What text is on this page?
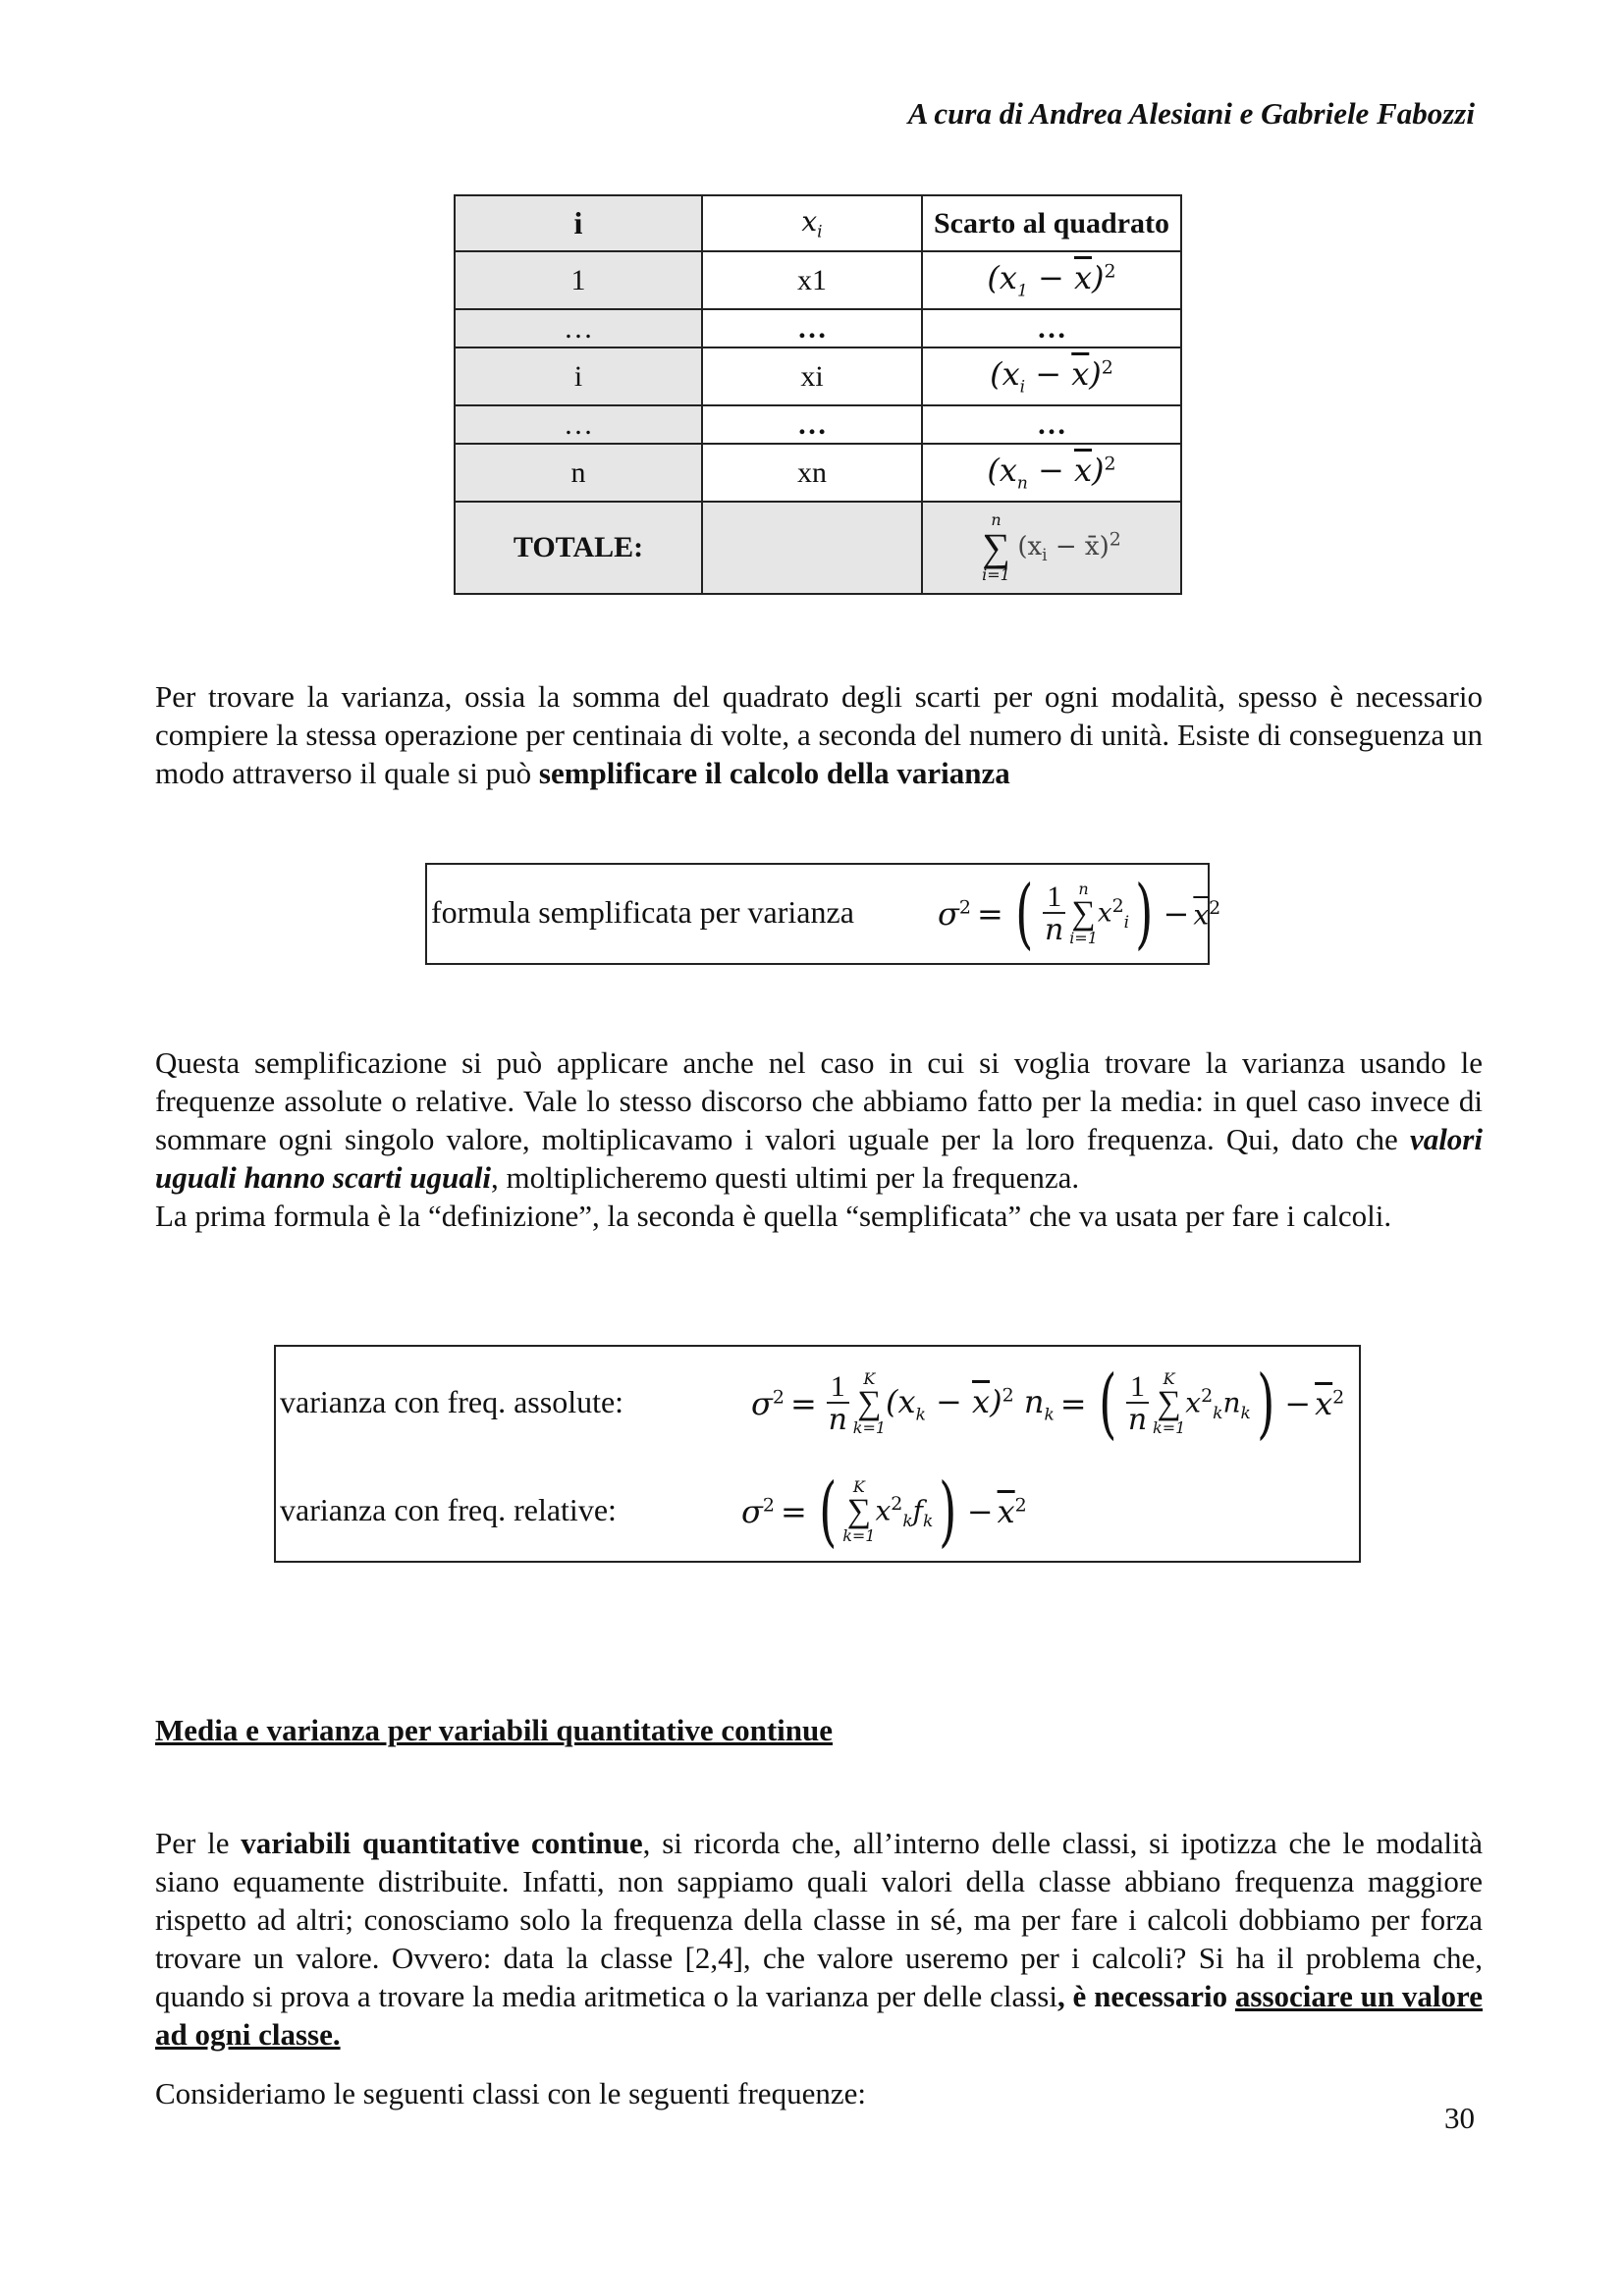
A cura di Andrea Alesiani e Gabriele Fabozzi
i	$x_i$	Scarto al quadrato
1	x1	$(x_1 - \overline{x})^2$
…	…	…
i	xi	$(x_i - \overline{x})^2$
…	…	…
n	xn	$(x_n - \overline{x})^2$
TOTALE:		n
∑
i=1
($x_i$ − x̄)$^2$

Per trovare la varianza, ossia la somma del quadrato degli scarti per ogni modalità, spesso è necessario compiere la stessa operazione per centinaia di volte, a seconda del numero di unità. Esiste di conseguenza un modo attraverso il quale si può semplificare il calcolo della varianza

formula semplificata per varianza	$\sigma^2$ = ( $\frac{1}{n}$ n
∑
i=1
$x^2_i$ ) − $\overline{x}^2$

Questa semplificazione si può applicare anche nel caso in cui si voglia trovare la varianza usando le frequenze assolute o relative. Vale lo stesso discorso che abbiamo fatto per la media: in quel caso invece di sommare ogni singolo valore, moltiplicavamo i valori uguale per la loro frequenza. Qui, dato che valori uguali hanno scarti uguali, moltiplicheremo questi ultimi per la frequenza.
La prima formula è la “definizione”, la seconda è quella “semplificata” che va usata per fare i calcoli.

varianza con freq. assolute:	$\sigma^2 = \frac{1}{n}$ K
∑
k=1
$(x_k - \overline{x})^2$ $n_k$ = ( $\frac{1}{n}$ K
∑
k=1
$x^2_kn_k$ ) − $\overline{x}^2$
varianza con freq. relative:	$\sigma^2$ = ( K
∑
k=1
$x^2_kf_k$ ) − $\overline{x}^2$
Media e varianza per variabili quantitative continue

Per le variabili quantitative continue, si ricorda che, all’interno delle classi, si ipotizza che le modalità siano equamente distribuite. Infatti, non sappiamo quali valori della classe abbiano frequenza maggiore rispetto ad altri; conosciamo solo la frequenza della classe in sé, ma per fare i calcoli dobbiamo per forza trovare un valore. Ovvero: data la classe [2,4], che valore useremo per i calcoli? Si ha il problema che, quando si prova a trovare la media aritmetica o la varianza per delle classi, è necessario associare un valore ad ogni classe.

Consideriamo le seguenti classi con le seguenti frequenze:

30
